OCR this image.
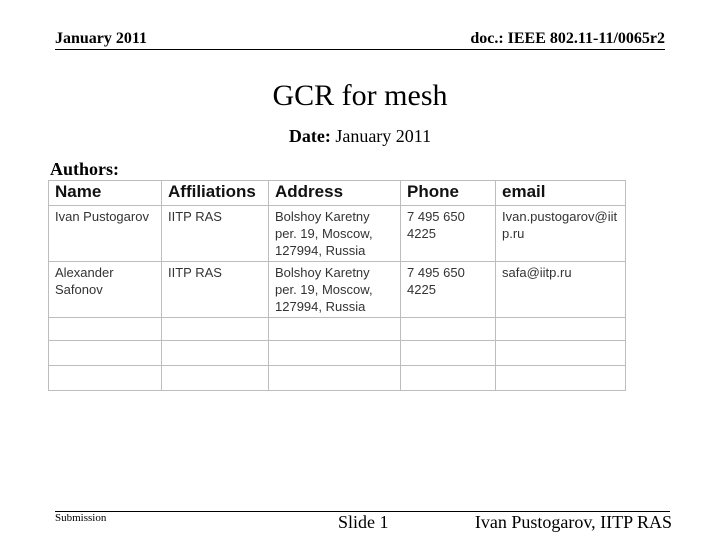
January 2011	doc.: IEEE 802.11-11/0065r2
GCR for mesh
Date: January 2011
Authors:
Name	Affiliations	Address	Phone	email
Ivan Pustogarov	IITP RAS	Bolshoy Karetny per. 19, Moscow, 127994, Russia	7 495 650 4225	Ivan.pustogarov@iitp.ru
Alexander Safonov	IITP RAS	Bolshoy Karetny per. 19, Moscow, 127994, Russia	7 495 650 4225	safa@iitp.ru

Submission	Slide 1	Ivan Pustogarov, IITP RAS
